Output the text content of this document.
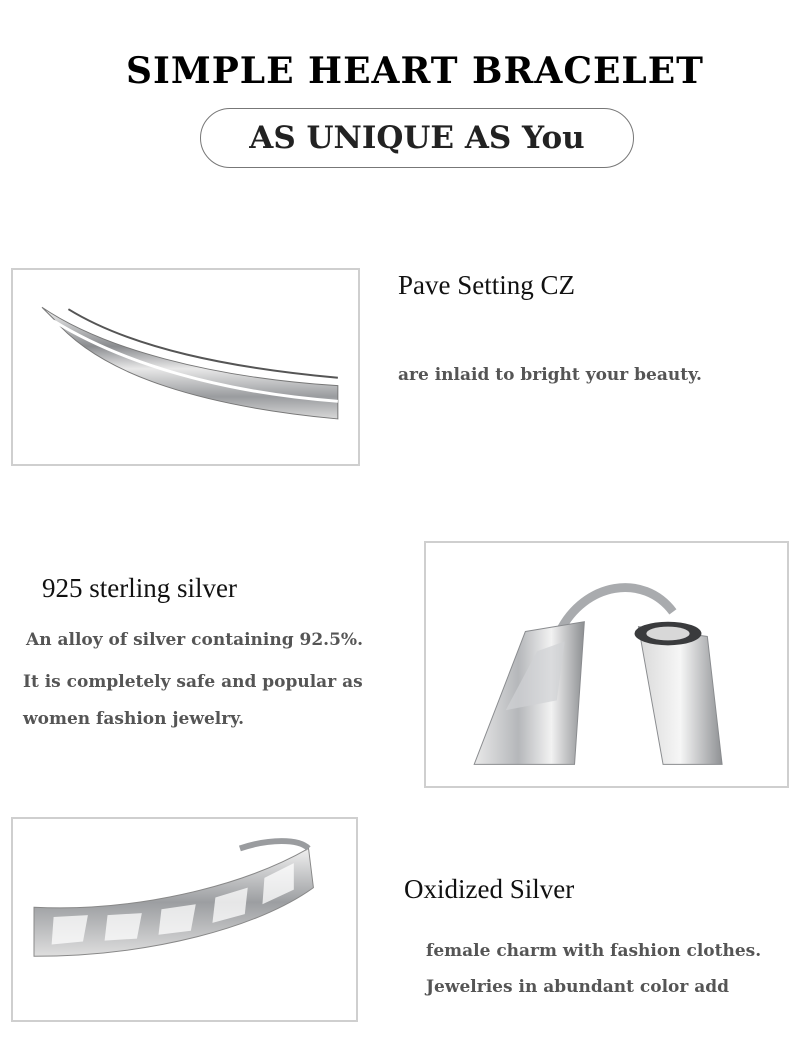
SIMPLE HEART BRACELET
AS UNIQUE AS You
Pave Setting CZ
are inlaid to bright your beauty.
925 sterling silver
An alloy of silver containing 92.5%.
It is completely safe and popular as
women fashion jewelry.
Oxidized Silver
female charm with fashion clothes.
Jewelries in abundant color add
